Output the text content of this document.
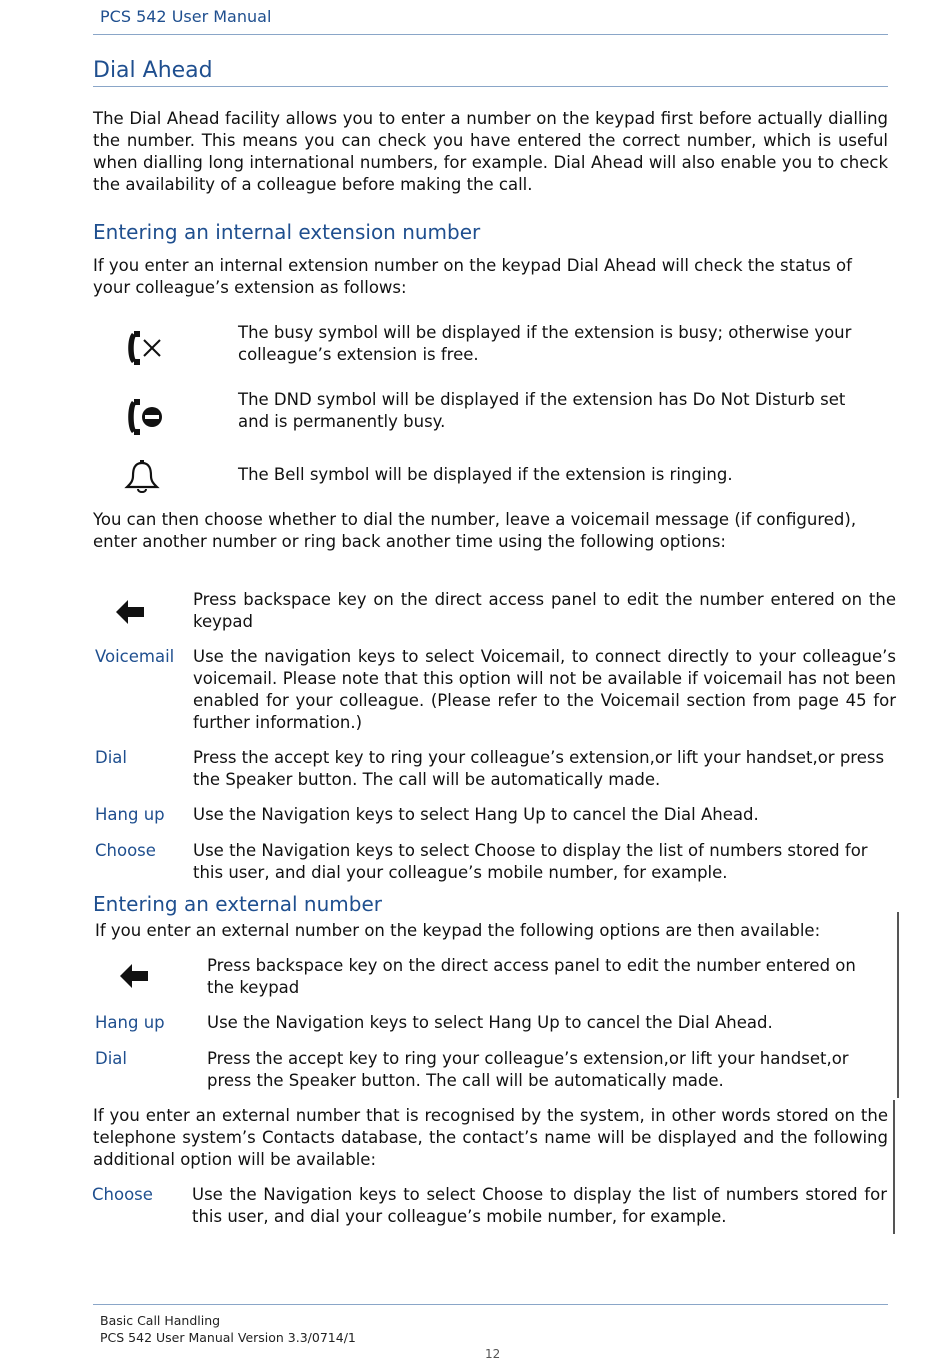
PCS 542 User Manual
Dial Ahead
The Dial Ahead facility allows you to enter a number on the keypad first before actually dialling the number. This means you can check you have entered the correct number, which is useful when dialling long international numbers, for example. Dial Ahead will also enable you to check the availability of a colleague before making the call.
Entering an internal extension number
If you enter an internal extension number on the keypad Dial Ahead will check the status of your colleague’s extension as follows:
The busy symbol will be displayed if the extension is busy; otherwise your colleague’s extension is free.
The DND symbol will be displayed if the extension has Do Not Disturb set and is permanently busy.
The Bell symbol will be displayed if the extension is ringing.
You can then choose whether to dial the number, leave a voicemail message (if configured), enter another number or ring back another time using the following options:
Press backspace key on the direct access panel to edit the number entered on the keypad
Voicemail Use the navigation keys to select Voicemail, to connect directly to your colleague’s voicemail. Please note that this option will not be available if voicemail has not been enabled for your colleague. (Please refer to the Voicemail section from page 45 for further information.)
Dial	Press the accept key to ring your colleague’s extension,or lift your handset,or press the Speaker button. The call will be automatically made.
Hang up Use the Navigation keys to select Hang Up to cancel the Dial Ahead.
Choose Use the Navigation keys to select Choose to display the list of numbers stored for this user, and dial your colleague’s mobile number, for example.
Entering an external number
If you enter an external number on the keypad the following options are then available:
Press backspace key on the direct access panel to edit the number entered on the keypad
Hang up	Use the Navigation keys to select Hang Up to cancel the Dial Ahead.
Dial	Press the accept key to ring your colleague’s extension,or lift your handset,or press the Speaker button. The call will be automatically made.
If you enter an external number that is recognised by the system, in other words stored on the telephone system’s Contacts database, the contact’s name will be displayed and the following additional option will be available:
Choose Use the Navigation keys to select Choose to display the list of numbers stored for this user, and dial your colleague’s mobile number, for example.
Basic Call Handling
PCS 542 User Manual Version 3.3/0714/1
12
